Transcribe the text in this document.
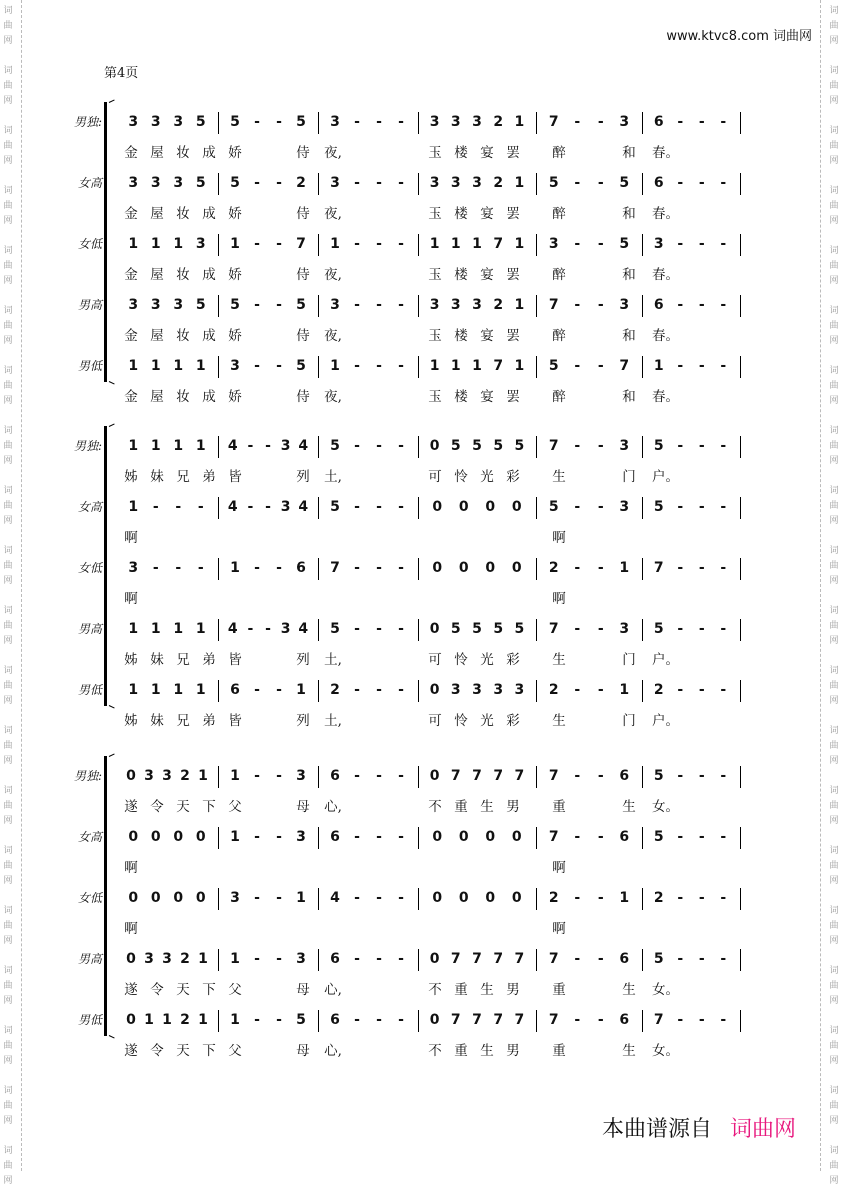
词
曲
网
词
曲
网
词
曲
网
词
曲
网
词
曲
网
词
曲
网
词
曲
网
词
曲
网
词
曲
网
词
曲
网
词
曲
网
词
曲
网
词
曲
网
词
曲
网
词
曲
网
词
曲
网
词
曲
网
词
曲
网
词
曲
网
词
曲
网
词
曲
网
词
曲
网
词
曲
网
词
曲
网
词
曲
网
词
曲
网
词
曲
网
词
曲
网
词
曲
网
词
曲
网
词
曲
网
词
曲
网
词
曲
网
词
曲
网
词
曲
网
词
曲
网
词
曲
网
词
曲
网
词
曲
网
词
曲
网
www.ktvc8.com 词曲网
第4页
男独: 3 3 3 5 5 - - 5 3 - - - 3 3 3 2 1 7 - - 3 6 - - -
金 屋 妆 成 娇	侍 夜,	玉 楼 宴 罢 醉	和 春。
女高 3 3 3 5 5 - - 2 3 - - - 3 3 3 2 1 5 - - 5 6 - - -
金 屋 妆 成 娇	侍 夜,	玉 楼 宴 罢 醉	和 春。
女低 1 1 1 3 1 - - 7 1 - - - 1 1 1 7 1 3 - - 5 3 - - -
金 屋 妆 成 娇	侍 夜,	玉 楼 宴 罢 醉	和 春。
男高 3 3 3 5 5 - - 5 3 - - - 3 3 3 2 1 7 - - 3 6 - - -
金 屋 妆 成 娇	侍 夜,	玉 楼 宴 罢 醉	和 春。
男低 1 1 1 1 3 - - 5 1 - - - 1 1 1 7 1 5 - - 7 1 - - -
金 屋 妆 成 娇	侍 夜,	玉 楼 宴 罢 醉	和 春。
男独: 1 1 1 1 4 - - 3 4 5 - - - 0 5 5 5 5 7 - - 3 5 - - -
姊 妹 兄 弟 皆	列 土,	可 怜 光 彩 生	门 户。
女高 1 - - - 4 - - 3 4 5 - - - 0 0 0 0 5 - - 3 5 - - -
啊	啊
女低 3 - - - 1 - - 6 7 - - - 0 0 0 0 2 - - 1 7 - - -
啊	啊
男高 1 1 1 1 4 - - 3 4 5 - - - 0 5 5 5 5 7 - - 3 5 - - -
姊 妹 兄 弟 皆	列 土,	可 怜 光 彩 生	门 户。
男低 1 1 1 1 6 - - 1 2 - - - 0 3 3 3 3 2 - - 1 2 - - -
姊 妹 兄 弟 皆	列 土,	可 怜 光 彩 生	门 户。
男独: 0 3 3 2 1 1 - - 3 6 - - - 0 7 7 7 7 7 - - 6 5 - - -
遂 令 天 下 父	母 心,	不 重 生 男 重	生 女。
女高 0 0 0 0 1 - - 3 6 - - - 0 0 0 0 7 - - 6 5 - - -
啊	啊
女低 0 0 0 0 3 - - 1 4 - - - 0 0 0 0 2 - - 1 2 - - -
啊	啊
男高 0 3 3 2 1 1 - - 3 6 - - - 0 7 7 7 7 7 - - 6 5 - - -
遂 令 天 下 父	母 心,	不 重 生 男 重	生 女。
男低 0 1 1 2 1 1 - - 5 6 - - - 0 7 7 7 7 7 - - 6 7 - - -
遂 令 天 下 父	母 心,	不 重 生 男 重	生 女。
本曲谱源自 词曲网
